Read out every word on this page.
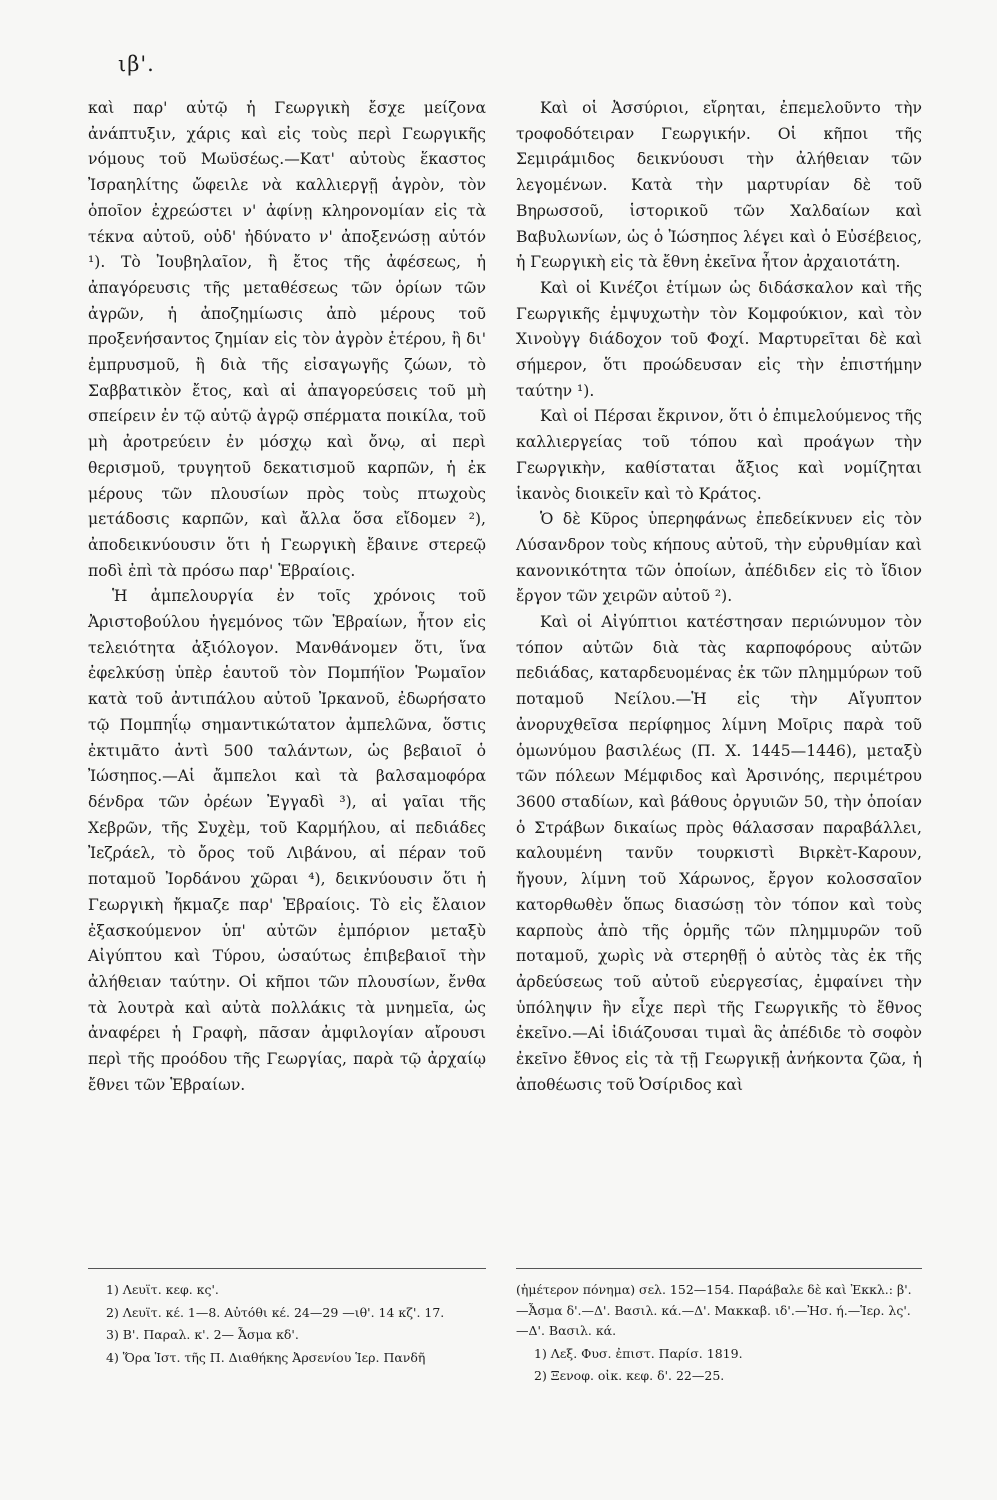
ιβ'.

καὶ παρ' αὐτῷ ἡ Γεωργικὴ ἔσχε μείζονα ἀνάπτυξιν, χάρις καὶ εἰς τοὺς περὶ Γεωργικῆς νόμους τοῦ Μωϋσέως.—Κατ' αὐτοὺς ἕκαστος Ἰσραηλίτης ὤφειλε νὰ καλλιεργῇ ἀγρὸν, τὸν ὁποῖον ἐχρεώστει ν' ἀφίνῃ κληρονομίαν εἰς τὰ τέκνα αὐτοῦ, οὐδ' ἠδύνατο ν' ἀποξενώσῃ αὐτόν ¹). Τὸ Ἰουβηλαῖον, ἢ ἔτος τῆς ἀφέσεως, ἡ ἀπαγόρευσις τῆς μεταθέσεως τῶν ὁρίων τῶν ἀγρῶν, ἡ ἀποζημίωσις ἀπὸ μέρους τοῦ προξενήσαντος ζημίαν εἰς τὸν ἀγρὸν ἑτέρου, ἢ δι' ἐμπρυσμοῦ, ἢ διὰ τῆς εἰσαγωγῆς ζώων, τὸ Σαββατικὸν ἔτος, καὶ αἱ ἀπαγορεύσεις τοῦ μὴ σπείρειν ἐν τῷ αὐτῷ ἀγρῷ σπέρματα ποικίλα, τοῦ μὴ ἀροτρεύειν ἐν μόσχῳ καὶ ὄνῳ, αἱ περὶ θερισμοῦ, τρυγητοῦ δεκατισμοῦ καρπῶν, ἡ ἐκ μέρους τῶν πλουσίων πρὸς τοὺς πτωχοὺς μετάδοσις καρπῶν, καὶ ἄλλα ὅσα εἴδομεν ²), ἀποδεικνύουσιν ὅτι ἡ Γεωργικὴ ἔβαινε στερεῷ ποδὶ ἐπὶ τὰ πρόσω παρ' Ἑβραίοις.

Ἡ ἀμπελουργία ἐν τοῖς χρόνοις τοῦ Ἀριστοβούλου ἡγεμόνος τῶν Ἑβραίων, ἦτον εἰς τελειότητα ἀξιόλογον. Μανθάνομεν ὅτι, ἵνα ἐφελκύσῃ ὑπὲρ ἑαυτοῦ τὸν Πομπήϊον Ῥωμαῖον κατὰ τοῦ ἀντιπάλου αὐτοῦ Ἰρκανοῦ, ἐδωρήσατο τῷ Πομπηΐῳ σημαντικώτατον ἀμπελῶνα, ὅστις ἐκτιμᾶτο ἀντὶ 500 ταλάντων, ὡς βεβαιοῖ ὁ Ἰώσηπος.—Αἱ ἄμπελοι καὶ τὰ βαλσαμοφόρα δένδρα τῶν ὀρέων Ἐγγαδὶ ³), αἱ γαῖαι τῆς Χεβρῶν, τῆς Συχὲμ, τοῦ Καρμήλου, αἱ πεδιάδες Ἰεζράελ, τὸ ὄρος τοῦ Λιβάνου, αἱ πέραν τοῦ ποταμοῦ Ἰορδάνου χῶραι ⁴), δεικνύουσιν ὅτι ἡ Γεωργικὴ ἤκμαζε παρ' Ἑβραίοις. Τὸ εἰς ἔλαιον ἐξασκούμενον ὑπ' αὐτῶν ἐμπόριον μεταξὺ Αἰγύπτου καὶ Τύρου, ὡσαύτως ἐπιβεβαιοῖ τὴν ἀλήθειαν ταύτην. Οἱ κῆποι τῶν πλουσίων, ἔνθα τὰ λουτρὰ καὶ αὐτὰ πολλάκις τὰ μνημεῖα, ὡς ἀναφέρει ἡ Γραφὴ, πᾶσαν ἀμφιλογίαν αἴρουσι περὶ τῆς προόδου τῆς Γεωργίας, παρὰ τῷ ἀρχαίῳ ἔθνει τῶν Ἑβραίων.

Καὶ οἱ Ἀσσύριοι, εἴρηται, ἐπεμελοῦντο τὴν τροφοδότειραν Γεωργικήν. Οἱ κῆποι τῆς Σεμιράμιδος δεικνύουσι τὴν ἀλήθειαν τῶν λεγομένων. Κατὰ τὴν μαρτυρίαν δὲ τοῦ Βηρωσσοῦ, ἱστορικοῦ τῶν Χαλδαίων καὶ Βαβυλωνίων, ὡς ὁ Ἰώσηπος λέγει καὶ ὁ Εὐσέβειος, ἡ Γεωργικὴ εἰς τὰ ἔθνη ἐκεῖνα ἦτον ἀρχαιοτάτη.

Καὶ οἱ Κινέζοι ἐτίμων ὡς διδάσκαλον καὶ τῆς Γεωργικῆς ἐμψυχωτὴν τὸν Κομφούκιον, καὶ τὸν Χινοὺγγ διάδοχον τοῦ Φοχί. Μαρτυρεῖται δὲ καὶ σήμερον, ὅτι προώδευσαν εἰς τὴν ἐπιστήμην ταύτην ¹).

Καὶ οἱ Πέρσαι ἔκρινον, ὅτι ὁ ἐπιμελούμενος τῆς καλλιεργείας τοῦ τόπου καὶ προάγων τὴν Γεωργικὴν, καθίσταται ἄξιος καὶ νομίζηται ἱκανὸς διοικεῖν καὶ τὸ Κράτος.

Ὁ δὲ Κῦρος ὑπερηφάνως ἐπεδείκνυεν εἰς τὸν Λύσανδρον τοὺς κήπους αὐτοῦ, τὴν εὐρυθμίαν καὶ κανονικότητα τῶν ὁποίων, ἀπέδιδεν εἰς τὸ ἴδιον ἔργον τῶν χειρῶν αὐτοῦ ²).

Καὶ οἱ Αἰγύπτιοι κατέστησαν περιώνυμον τὸν τόπον αὐτῶν διὰ τὰς καρποφόρους αὐτῶν πεδιάδας, καταρδευομένας ἐκ τῶν πλημμύρων τοῦ ποταμοῦ Νείλου.—Ἡ εἰς τὴν Αἴγυπτον ἀνορυχθεῖσα περίφημος λίμνη Μοῖρις παρὰ τοῦ ὁμωνύμου βασιλέως (Π. Χ. 1445—1446), μεταξὺ τῶν πόλεων Μέμφιδος καὶ Ἀρσινόης, περιμέτρου 3600 σταδίων, καὶ βάθους ὀργυιῶν 50, τὴν ὁποίαν ὁ Στράβων δικαίως πρὸς θάλασσαν παραβάλλει, καλουμένη τανῦν τουρκιστὶ Βιρκὲτ-Καρουν, ἤγουν, λίμνη τοῦ Χάρωνος, ἔργον κολοσσαῖον κατορθωθὲν ὅπως διασώσῃ τὸν τόπον καὶ τοὺς καρποὺς ἀπὸ τῆς ὁρμῆς τῶν πλημμυρῶν τοῦ ποταμοῦ, χωρὶς νὰ στερηθῇ ὁ αὐτὸς τὰς ἐκ τῆς ἀρδεύσεως τοῦ αὐτοῦ εὐεργεσίας, ἐμφαίνει τὴν ὑπόληψιν ἣν εἶχε περὶ τῆς Γεωργικῆς τὸ ἔθνος ἐκεῖνο.—Αἱ ἰδιάζουσαι τιμαὶ ἃς ἀπέδιδε τὸ σοφὸν ἐκεῖνο ἔθνος εἰς τὰ τῇ Γεωργικῇ ἀνήκοντα ζῶα, ἡ ἀποθέωσις τοῦ Ὀσίριδος καὶ

1) Λευϊτ. κεφ. κς'.

2) Λευϊτ. κέ. 1—8. Αὐτόθι κέ. 24—29 —ιθ'. 14 κζ'. 17.

3) Β'. Παραλ. κ'. 2— Ἆσμα κδ'.

4) Ὅρα Ἱστ. τῆς Π. Διαθήκης Ἀρσενίου Ἱερ. Πανδῆ

(ἡμέτερον πόνημα) σελ. 152—154. Παράβαλε δὲ καὶ Ἐκκλ.: β'.—Ἆσμα δ'.—Δ'. Βασιλ. κά.—Δ'. Μακκαβ. ιδ'.—Ἠσ. ή.—Ἱερ. λς'.—Δ'. Βασιλ. κά.

1) Λεξ. Φυσ. ἐπιστ. Παρίσ. 1819.

2) Ξενοφ. οἰκ. κεφ. δ'. 22—25.
